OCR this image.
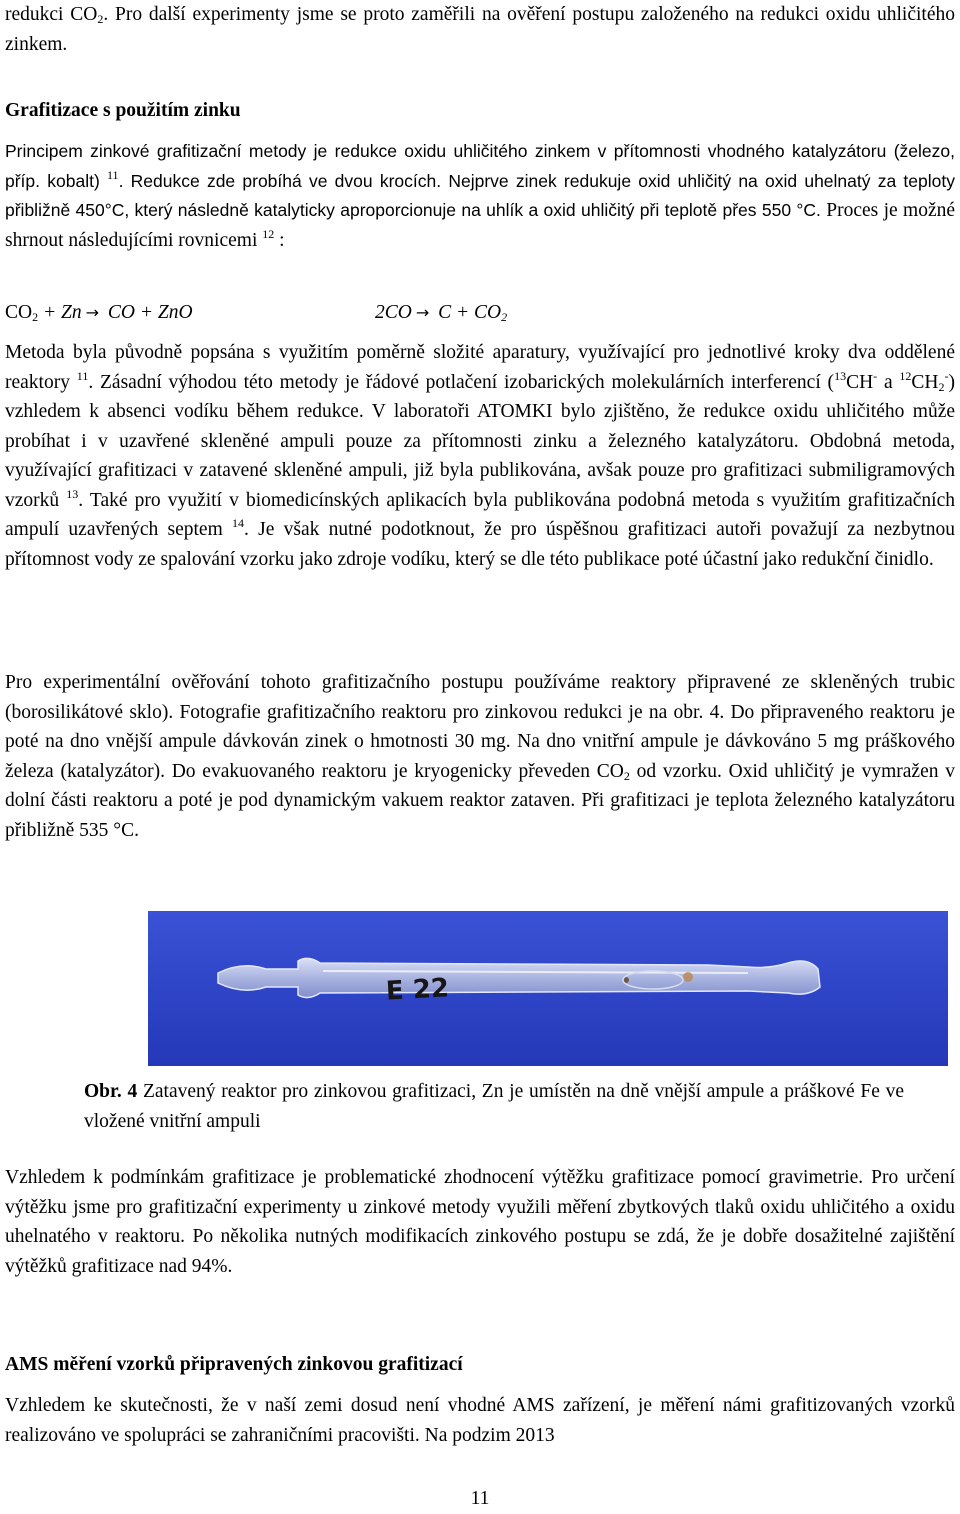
redukci $CO_2$. Pro další experimenty jsme se proto zaměřili na ověření postupu založeného na redukci oxidu uhličitého zinkem.

Grafitizace s použitím zinku

Principem zinkové grafitizační metody je redukce oxidu uhličitého zinkem v přítomnosti vhodného katalyzátoru (železo, příp. kobalt) $^{11}$. Redukce zde probíhá ve dvou krocích. Nejprve zinek redukuje oxid uhličitý na oxid uhelnatý za teploty přibližně 450°C, který následně katalyticky aproporcionuje na uhlík a oxid uhličitý při teplotě přes 550 °C. Proces je možné shrnout následujícími rovnicemi $^{12}$ :

$CO_2 + Zn$ → CO + ZnO	$2CO \to C + CO_2$

Metoda byla původně popsána s využitím poměrně složité aparatury, využívající pro jednotlivé kroky dva oddělené reaktory $^{11}$. Zásadní výhodou této metody je řádové potlačení izobarických molekulárních interferencí ($^{13}$CH- a $^{12}CH_2^-$) vzhledem k absenci vodíku během redukce. V laboratoři ATOMKI bylo zjištěno, že redukce oxidu uhličitého může probíhat i v uzavřené skleněné ampuli pouze za přítomnosti zinku a železného katalyzátoru. Obdobná metoda, využívající grafitizaci v zatavené skleněné ampuli, již byla publikována, avšak pouze pro grafitizaci submiligramových vzorků $^{13}$. Také pro využití v biomedicínských aplikacích byla publikována podobná metoda s využitím grafitizačních ampulí uzavřených septem $^{14}$. Je však nutné podotknout, že pro úspěšnou grafitizaci autoři považují za nezbytnou přítomnost vody ze spalování vzorku jako zdroje vodíku, který se dle této publikace poté účastní jako redukční činidlo.

Pro experimentální ověřování tohoto grafitizačního postupu používáme reaktory připravené ze skleněných trubic (borosilikátové sklo). Fotografie grafitizačního reaktoru pro zinkovou redukci je na obr. 4. Do připraveného reaktoru je poté na dno vnější ampule dávkován zinek o hmotnosti 30 mg. Na dno vnitřní ampule je dávkováno 5 mg práškového železa (katalyzátor). Do evakuovaného reaktoru je kryogenicky převeden $CO_2$ od vzorku. Oxid uhličitý je vymražen v dolní části reaktoru a poté je pod dynamickým vakuem reaktor zataven. Při grafitizaci je teplota železného katalyzátoru přibližně 535 °C.

E 22

Obr. 4 Zatavený reaktor pro zinkovou grafitizaci, Zn je umístěn na dně vnější ampule a práškové Fe ve vložené vnitřní ampuli

Vzhledem k podmínkám grafitizace je problematické zhodnocení výtěžku grafitizace pomocí gravimetrie. Pro určení výtěžku jsme pro grafitizační experimenty u zinkové metody využili měření zbytkových tlaků oxidu uhličitého a oxidu uhelnatého v reaktoru. Po několika nutných modifikacích zinkového postupu se zdá, že je dobře dosažitelné zajištění výtěžků grafitizace nad 94%.

AMS měření vzorků připravených zinkovou grafitizací

Vzhledem ke skutečnosti, že v naší zemi dosud není vhodné AMS zařízení, je měření námi grafitizovaných vzorků realizováno ve spolupráci se zahraničními pracovišti. Na podzim 2013

11
